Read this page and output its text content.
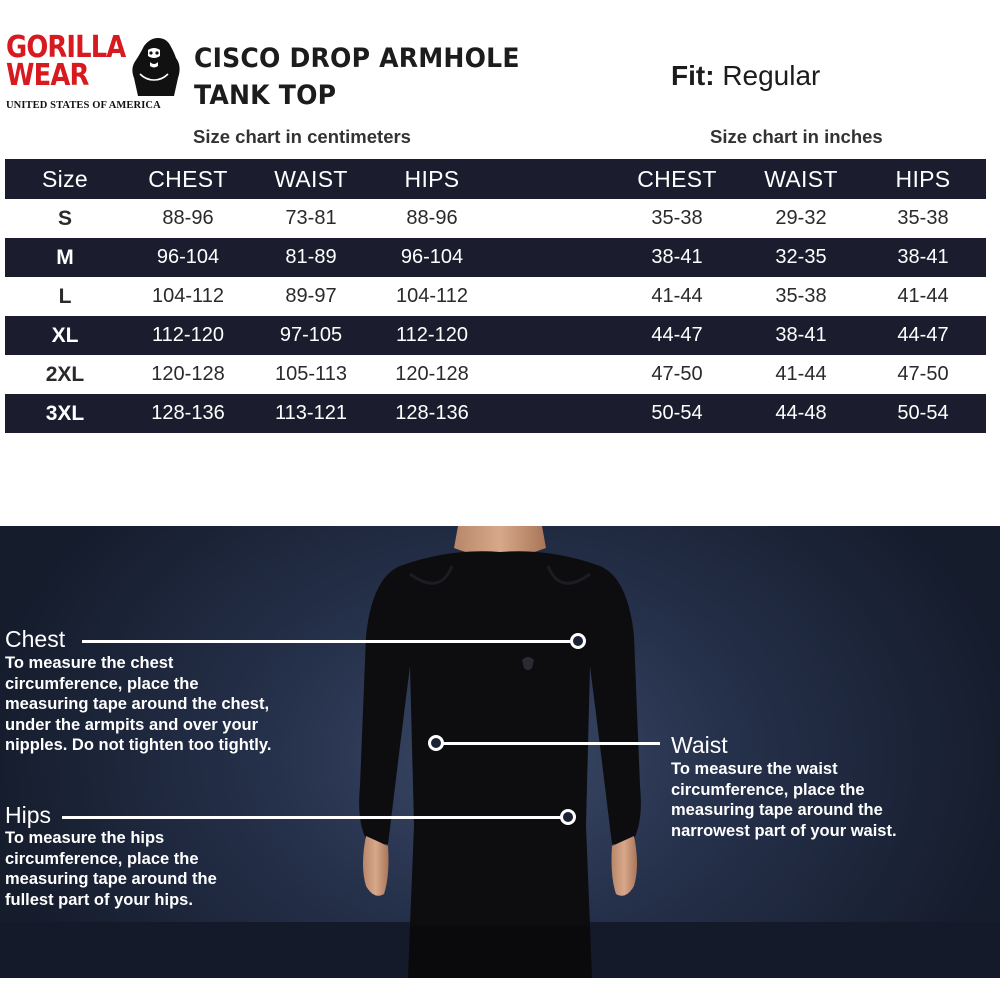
GORILLA
WEAR
UNITED STATES OF AMERICA
CISCO DROP ARMHOLE
TANK TOP
Fit: Regular
Size chart in centimeters	Size chart in inches
Size	CHEST	WAIST	HIPS	CHEST	WAIST	HIPS
S	88-96	73-81	88-96	35-38	29-32	35-38
M	96-104	81-89	96-104	38-41	32-35	38-41
L	104-112	89-97	104-112	41-44	35-38	41-44
XL	112-120	97-105	112-120	44-47	38-41	44-47
2XL	120-128	105-113	120-128	47-50	41-44	47-50
3XL	128-136	113-121	128-136	50-54	44-48	50-54
Chest
To measure the chest
circumference, place the
measuring tape around the chest,
under the armpits and over your
nipples. Do not tighten too tightly.	Waist
To measure the waist
circumference, place the
measuring tape around the
narrowest part of your waist.
Hips
To measure the hips
circumference, place the
measuring tape around the
fullest part of your hips.
